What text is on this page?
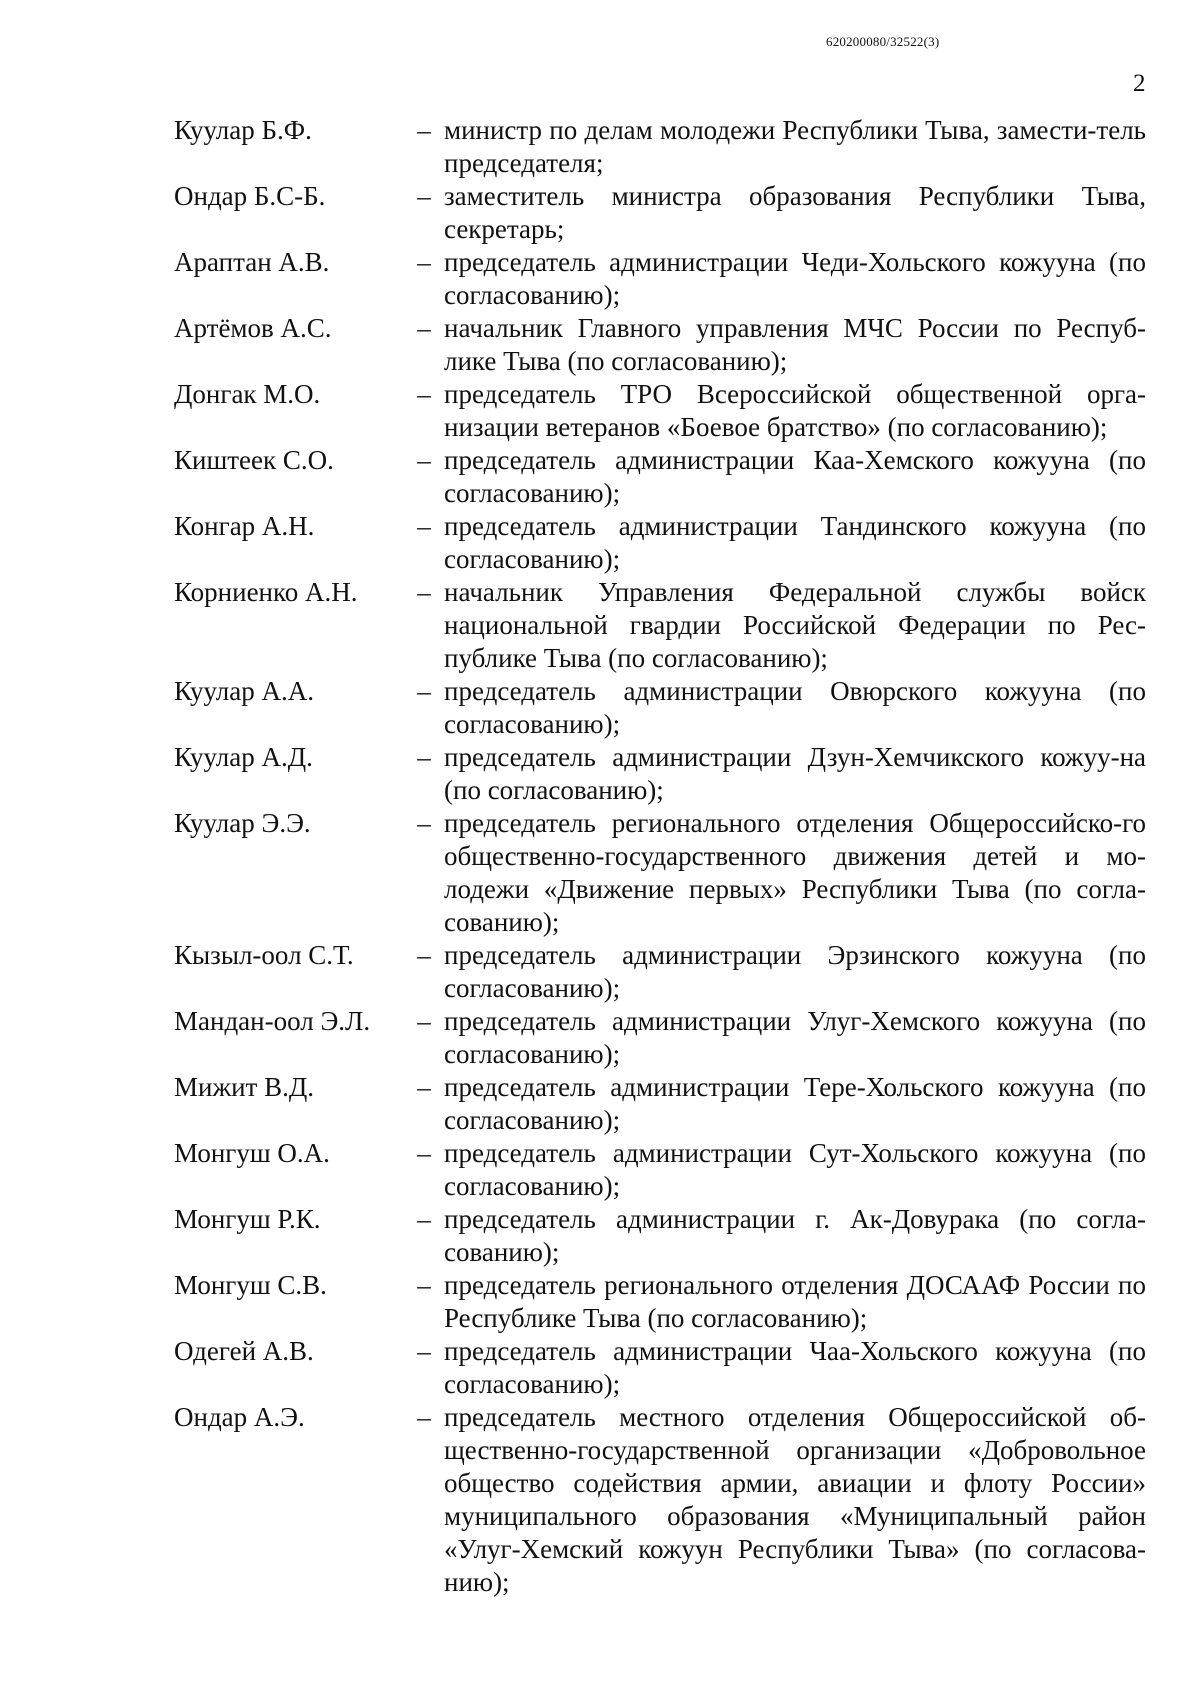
620200080/32522(3)
2
Куулар Б.Ф.	– министр по делам молодежи Республики Тыва, замести-тель председателя;
Ондар Б.С-Б.	– заместитель министра образования Республики Тыва, секретарь;
Араптан А.В.	– председатель администрации Чеди-Хольского кожууна (по согласованию);
Артёмов А.С.	– начальник Главного управления МЧС России по Респуб-лике Тыва (по согласованию);
Донгак М.О.	– председатель ТРО Всероссийской общественной орга-низации ветеранов «Боевое братство» (по согласованию);
Киштеек С.О.	– председатель администрации Каа-Хемского кожууна (по согласованию);
Конгар А.Н.	– председатель администрации Тандинского кожууна (по согласованию);
Корниенко А.Н.	– начальник Управления Федеральной службы войск национальной гвардии Российской Федерации по Рес-публике Тыва (по согласованию);
Куулар А.А.	– председатель администрации Овюрского кожууна (по согласованию);
Куулар А.Д.	– председатель администрации Дзун-Хемчикского кожуу-на (по согласованию);
Куулар Э.Э.	– председатель регионального отделения Общероссийско-го общественно-государственного движения детей и мо-лодежи «Движение первых» Республики Тыва (по согла-сованию);
Кызыл-оол С.Т.	– председатель администрации Эрзинского кожууна (по согласованию);
Мандан-оол Э.Л.	– председатель администрации Улуг-Хемского кожууна (по согласованию);
Мижит В.Д.	– председатель администрации Тере-Хольского кожууна (по согласованию);
Монгуш О.А.	– председатель администрации Сут-Хольского кожууна (по согласованию);
Монгуш Р.К.	– председатель администрации г. Ак-Довурака (по согла-сованию);
Монгуш С.В.	– председатель регионального отделения ДОСААФ России по Республике Тыва (по согласованию);
Одегей А.В.	– председатель администрации Чаа-Хольского кожууна (по согласованию);
Ондар А.Э.	– председатель местного отделения Общероссийской об-щественно-государственной организации «Добровольное общество содействия армии, авиации и флоту России» муниципального образования «Муниципальный район «Улуг-Хемский кожуун Республики Тыва» (по согласова-нию);
